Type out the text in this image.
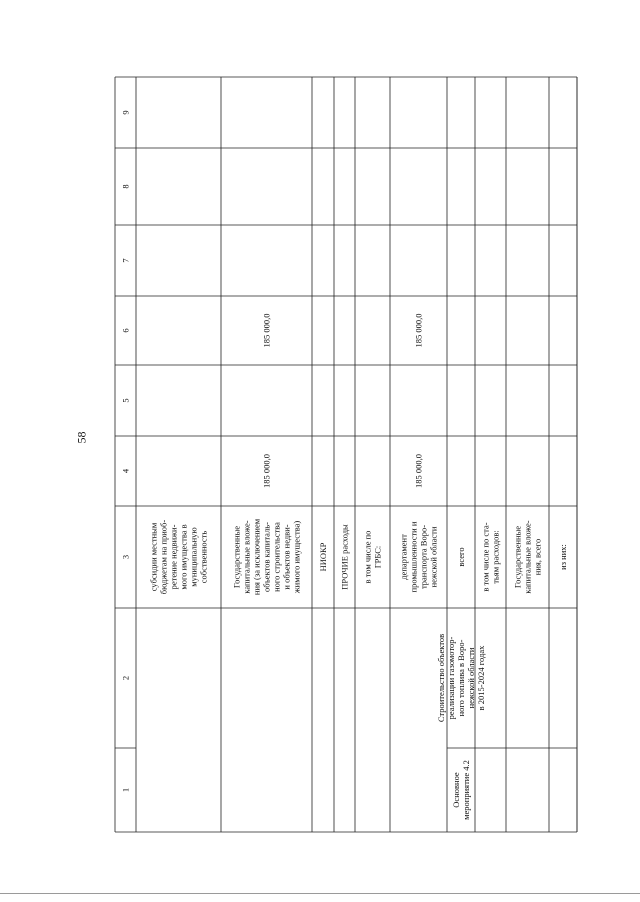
58
1
2
3
4
5
6
7
8
9
субсидии местнымбюджетам на приоб-ретение недвижи-мого имущества вмуниципальнуюсобственность	Государственныекапитальные вложе-ния (за исключениемобъектов капиталь-ного строительстваи объектов недви-жимого имущества)
185 000,0
185 000,0
НИОКР ПРОЧИЕ расходы в том числе поГРБС: департаментпромышленности итранспорта Воро-нежской области
185 000,0
185 000,0
Основноемероприятие 4.2
Строительство объектовреализации газомотор-ного топлива в Воро-нежской областив 2015-2024 годах
всего в том числе по ста-тьям расходов: Государственныекапитальные вложе-ния, всего из них:
